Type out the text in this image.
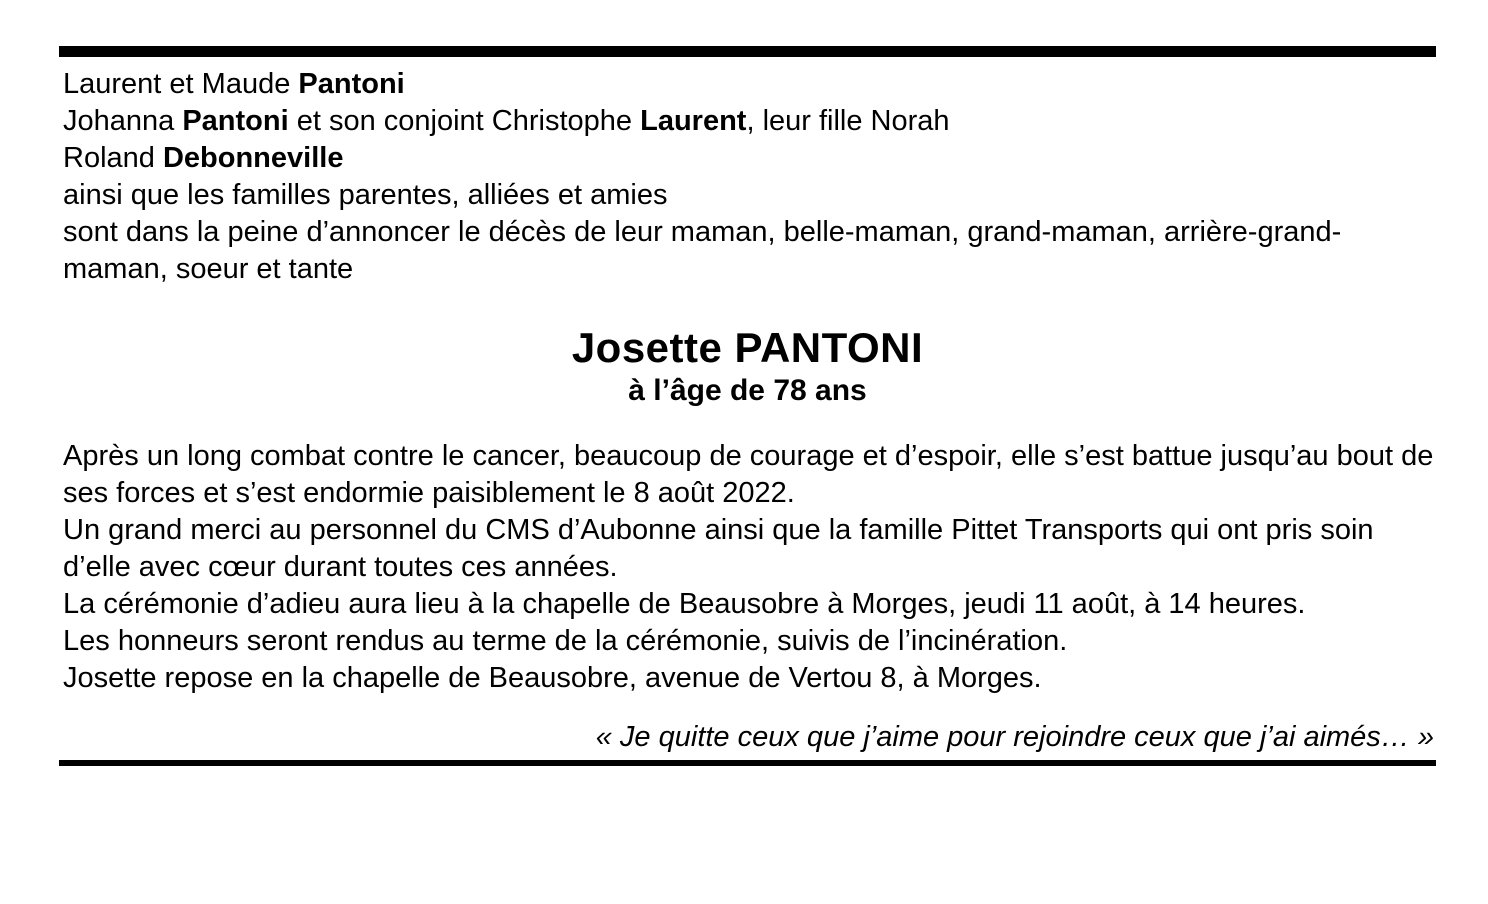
Laurent et Maude Pantoni
Johanna Pantoni et son conjoint Christophe Laurent, leur fille Norah
Roland Debonneville
ainsi que les familles parentes, alliées et amies
sont dans la peine d’annoncer le décès de leur maman, belle-maman, grand-maman, arrière-grand-maman, soeur et tante
Josette PANTONI
à l’âge de 78 ans
Après un long combat contre le cancer, beaucoup de courage et d’espoir, elle s’est battue jusqu’au bout de ses forces et s’est endormie paisiblement le 8 août 2022.
Un grand merci au personnel du CMS d’Aubonne ainsi que la famille Pittet Transports qui ont pris soin d’elle avec cœur durant toutes ces années.
La cérémonie d’adieu aura lieu à la chapelle de Beausobre à Morges, jeudi 11 août, à 14 heures.
Les honneurs seront rendus au terme de la cérémonie, suivis de l’incinération.
Josette repose en la chapelle de Beausobre, avenue de Vertou 8, à Morges.
« Je quitte ceux que j’aime pour rejoindre ceux que j’ai aimés… »
